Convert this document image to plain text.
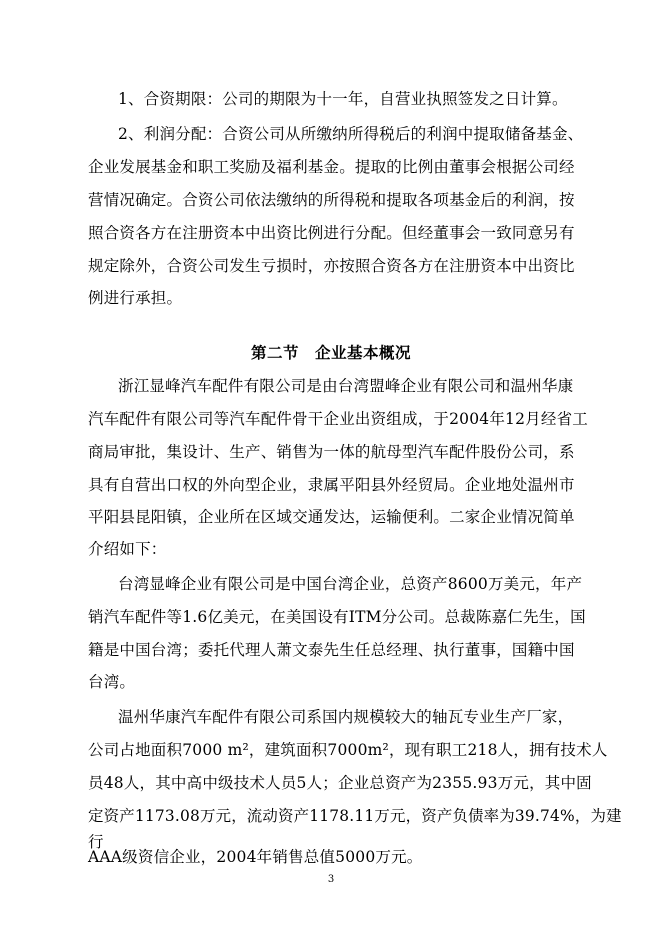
1、合资期限：公司的期限为十一年，自营业执照签发之日计算。
2、利润分配：合资公司从所缴纳所得税后的利润中提取储备基金、
企业发展基金和职工奖励及福利基金。提取的比例由董事会根据公司经
营情况确定。合资公司依法缴纳的所得税和提取各项基金后的利润，按
照合资各方在注册资本中出资比例进行分配。但经董事会一致同意另有
规定除外，合资公司发生亏损时，亦按照合资各方在注册资本中出资比
例进行承担。
第二节　企业基本概况
浙江显峰汽车配件有限公司是由台湾盟峰企业有限公司和温州华康
汽车配件有限公司等汽车配件骨干企业出资组成，于2004年12月经省工
商局审批，集设计、生产、销售为一体的航母型汽车配件股份公司，系
具有自营出口权的外向型企业，隶属平阳县外经贸局。企业地处温州市
平阳县昆阳镇，企业所在区域交通发达，运输便利。二家企业情况简单
介绍如下：
台湾显峰企业有限公司是中国台湾企业，总资产8600万美元，年产
销汽车配件等1.6亿美元，在美国设有ITM分公司。总裁陈嘉仁先生，国
籍是中国台湾；委托代理人萧文泰先生任总经理、执行董事，国籍中国
台湾。
温州华康汽车配件有限公司系国内规模较大的轴瓦专业生产厂家，
公司占地面积7000 m²，建筑面积7000m²，现有职工218人，拥有技术人
员48人，其中高中级技术人员5人；企业总资产为2355.93万元，其中固
定资产1173.08万元，流动资产1178.11万元，资产负债率为39.74%，为建
行
AAA级资信企业，2004年销售总值5000万元。
3
